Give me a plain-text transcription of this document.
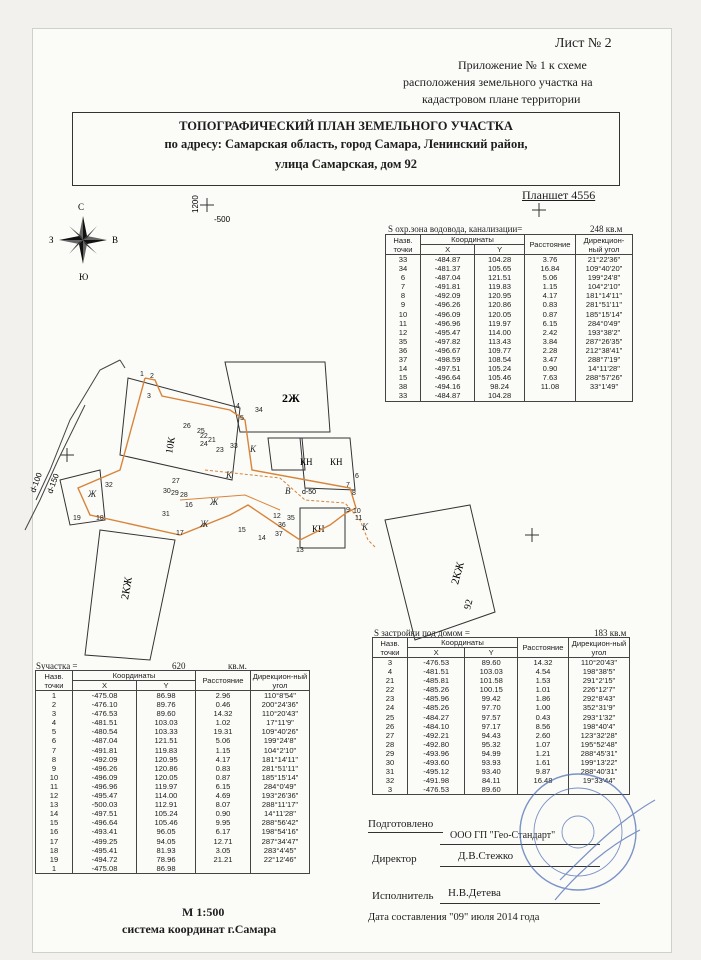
Лист № 2
Приложение № 1 к схеме
расположения земельного участка на
кадастровом плане территории
ТОПОГРАФИЧЕСКИЙ ПЛАН ЗЕМЕЛЬНОГО УЧАСТКА
по адресу: Самарская область, город Самара, Ленинский район,
улица Самарская, дом 92
Планшет 4556
1200
-500
С
З	В
Ю
d-100 d-150
2Ж
10К
КН КН
КН
2КЖ
2КЖ
92
1 2
3
4
5
6
7
8
9 10
11
12
13
14
15
16
17
18
19
21
22
23
24
25
26
27
28
29
30
31
32
33
34
35
36
37
Ж
Ж
Ж
В
К
К
К
d-50
S охр.зона водовода, канализации=	248 кв.м
Назв. точки	Координаты		Расстояние	Дирекцион-ный угол
	X	Y		
33	-484.87	104.28	3.76	21°22'36"
34	-481.37	105.65	16.84	109°40'20"
6	-487.04	121.51	5.06	199°24'8"
7	-491.81	119.83	1.15	104°2'10"
8	-492.09	120.95	4.17	181°14'11"
9	-496.26	120.86	0.83	281°51'11"
10	-496.09	120.05	0.87	185°15'14"
11	-496.96	119.97	6.15	284°0'49"
12	-495.47	114.00	2.42	193°38'2"
35	-497.82	113.43	3.84	287°26'35"
36	-496.67	109.77	2.28	212°38'41"
37	-498.59	108.54	3.47	288°7'19"
14	-497.51	105.24	0.90	14°11'28"
15	-496.64	105.46	7.63	288°57'26"
38	-494.16	98.24	11.08	33°1'49"
33	-484.87	104.28		
Sучастка =	620	кв.м.
Назв. точки	Координаты		Расстояние	Дирекцион-ный угол
	X	Y		
1	-475.08	86.98	2.96	110°8'54"
2	-476.10	89.76	0.46	200°24'36"
3	-476.53	89.60	14.32	110°20'43"
4	-481.51	103.03	1.02	17°11'9"
5	-480.54	103.33	19.31	109°40'26"
6	-487.04	121.51	5.06	199°24'8"
7	-491.81	119.83	1.15	104°2'10"
8	-492.09	120.95	4.17	181°14'11"
9	-496.26	120.86	0.83	281°51'11"
10	-496.09	120.05	0.87	185°15'14"
11	-496.96	119.97	6.15	284°0'49"
12	-495.47	114.00	4.69	193°26'36"
13	-500.03	112.91	8.07	288°11'17"
14	-497.51	105.24	0.90	14°11'28"
15	-496.64	105.46	9.95	288°56'42"
16	-493.41	96.05	6.17	198°54'16"
17	-499.25	94.05	12.71	287°34'47"
18	-495.41	81.93	3.05	283°4'45"
19	-494.72	78.96	21.21	22°12'46"
1	-475.08	86.98		
S застройки под домом =	183 кв.м
Назв. точки	Координаты		Расстояние	Дирекцион-ный угол
	X	Y		
3	-476.53	89.60	14.32	110°20'43"
4	-481.51	103.03	4.54	198°38'5"
21	-485.81	101.58	1.53	291°2'15"
22	-485.26	100.15	1.01	226°12'7"
23	-485.96	99.42	1.86	292°8'43"
24	-485.26	97.70	1.00	352°31'9"
25	-484.27	97.57	0.43	293°1'32"
26	-484.10	97.17	8.56	198°40'4"
27	-492.21	94.43	2.60	123°32'28"
28	-492.80	95.32	1.07	195°52'48"
29	-493.96	94.99	1.21	288°45'31"
30	-493.60	93.93	1.61	199°13'22"
31	-495.12	93.40	9.87	288°40'31"
32	-491.98	84.11	16.48	19°33'44"
3	-476.53	89.60		
М 1:500
система координат г.Самара
Подготовлено
ООО ГП "Гео-Стандарт"
Директор	Д.В.Стежко
Исполнитель Н.В.Детева
Дата составления "09" июля 2014 года
